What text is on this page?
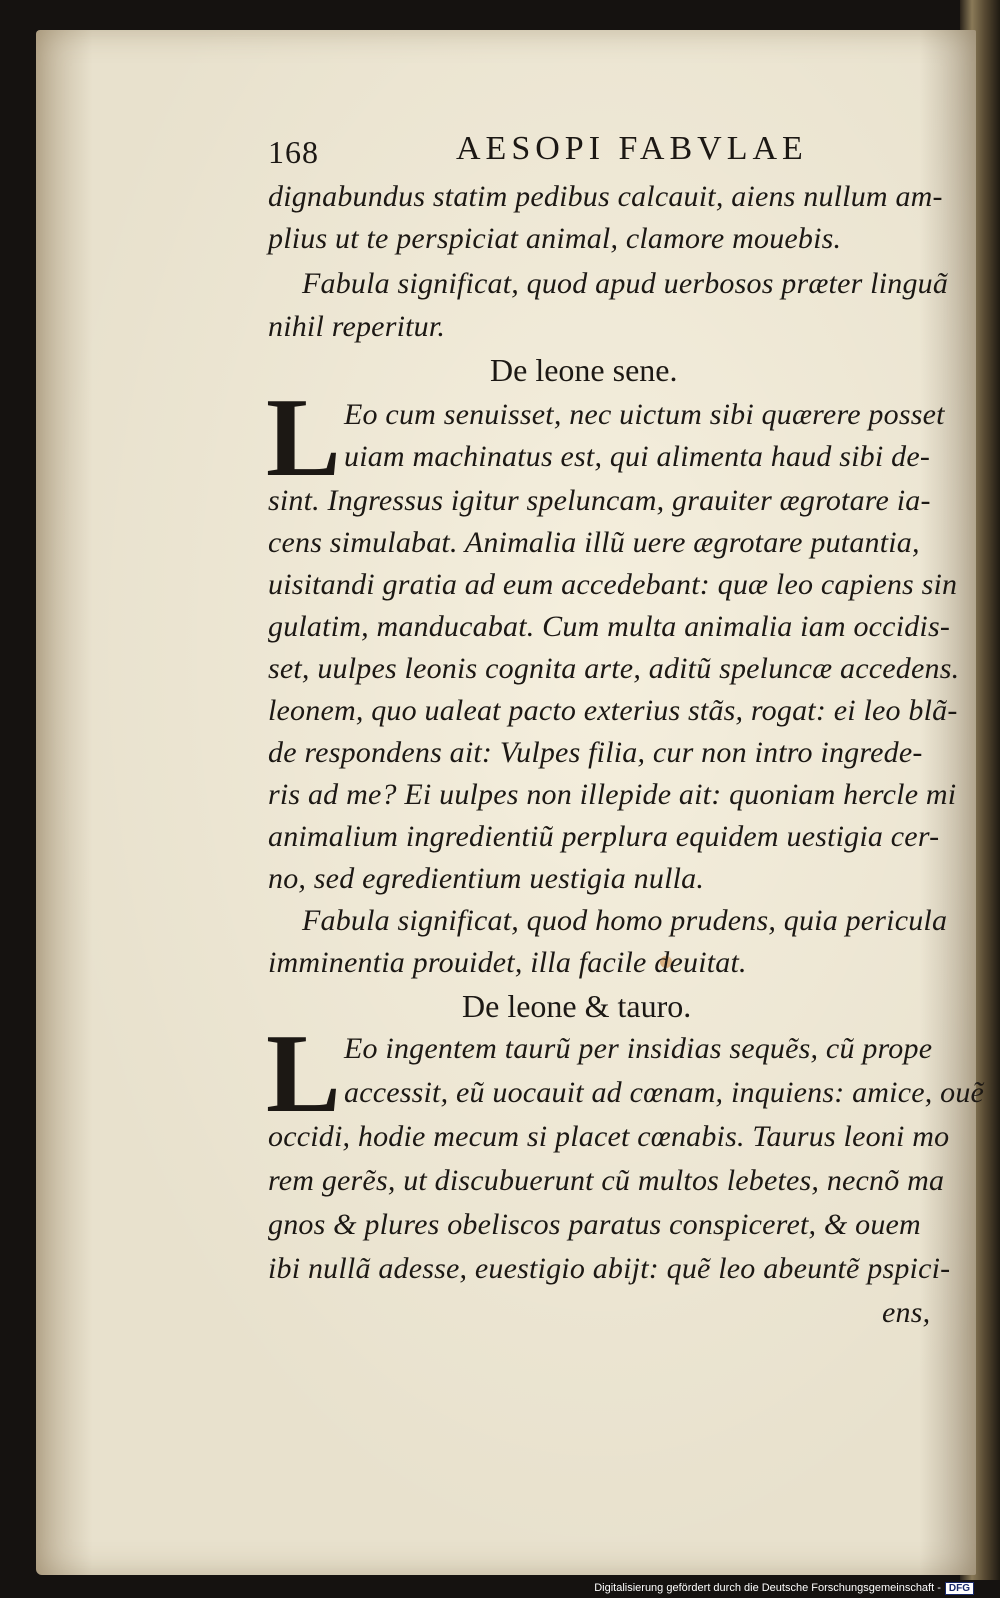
168	AESOPI FABVLAE
dignabundus statim pedibus calcauit, aiens nullum am-
plius ut te perspiciat animal, clamore mouebis.
Fabula significat, quod apud uerbosos præter linguã
nihil reperitur.
De leone sene.
L Eo cum senuisset, nec uictum sibi quærere posset
uiam machinatus est, qui alimenta haud sibi de-
sint. Ingressus igitur speluncam, grauiter ægrotare ia-
cens simulabat. Animalia illũ uere ægrotare putantia,
uisitandi gratia ad eum accedebant: quæ leo capiens sin
gulatim, manducabat. Cum multa animalia iam occidis-
set, uulpes leonis cognita arte, aditũ speluncæ accedens.
leonem, quo ualeat pacto exterius stãs, rogat: ei leo blã-
de respondens ait: Vulpes filia, cur non intro ingrede-
ris ad me? Ei uulpes non illepide ait: quoniam hercle mi
animalium ingredientiũ perplura equidem uestigia cer-
no, sed egredientium uestigia nulla.
Fabula significat, quod homo prudens, quia pericula
imminentia prouidet, illa facile deuitat.
De leone & tauro.
L Eo ingentem taurũ per insidias sequẽs, cũ prope
accessit, eũ uocauit ad cœnam, inquiens: amice, ouẽ
occidi, hodie mecum si placet cœnabis. Taurus leoni mo
rem gerẽs, ut discubuerunt cũ multos lebetes, necnõ ma
gnos & plures obeliscos paratus conspiceret, & ouem
ibi nullã adesse, euestigio abijt: quẽ leo abeuntẽ pspici-
ens,
Digitalisierung gefördert durch die Deutsche Forschungsgemeinschaft - DFG
